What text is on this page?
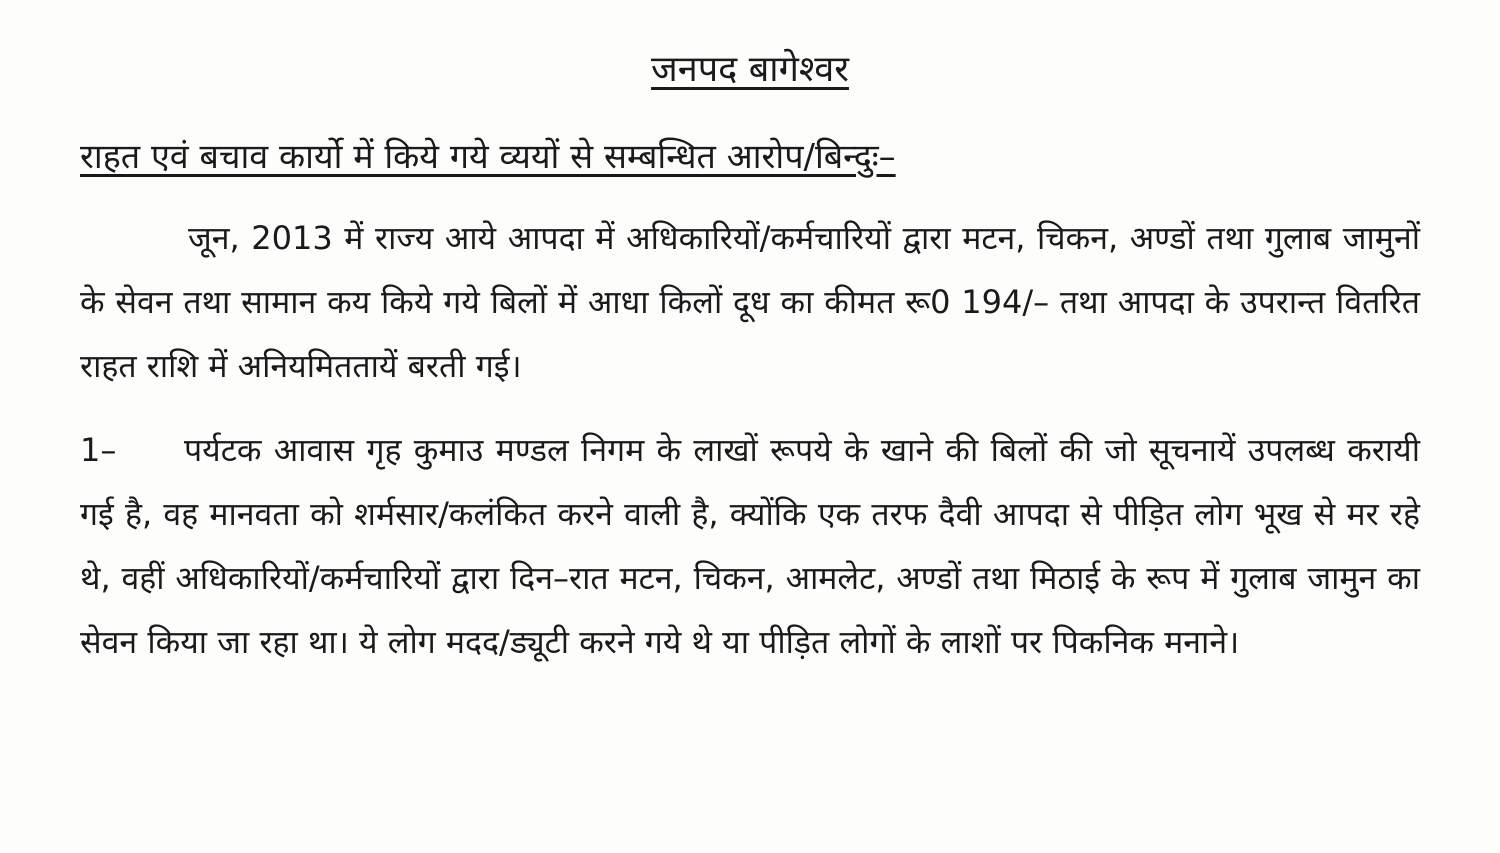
जनपद बागेश्वर
राहत एवं बचाव कार्यो में किये गये व्ययों से सम्बन्धित आरोप/बिन्दुः–

जून, 2013 में राज्य आये आपदा में अधिकारियों/कर्मचारियों द्वारा मटन, चिकन, अण्डों तथा गुलाब जामुनों के सेवन तथा सामान कय किये गये बिलों में आधा किलों दूध का कीमत रू0 194/– तथा आपदा के उपरान्त वितरित राहत राशि में अनियमिततायें बरती गई।

1– पर्यटक आवास गृह कुमाउ मण्डल निगम के लाखों रूपये के खाने की बिलों की जो सूचनायें उपलब्ध करायी गई है, वह मानवता को शर्मसार/कलंकित करने वाली है, क्योंकि एक तरफ दैवी आपदा से पीड़ित लोग भूख से मर रहे थे, वहीं अधिकारियों/कर्मचारियों द्वारा दिन–रात मटन, चिकन, आमलेट, अण्डों तथा मिठाई के रूप में गुलाब जामुन का सेवन किया जा रहा था। ये लोग मदद/ड्यूटी करने गये थे या पीड़ित लोगों के लाशों पर पिकनिक मनाने।
